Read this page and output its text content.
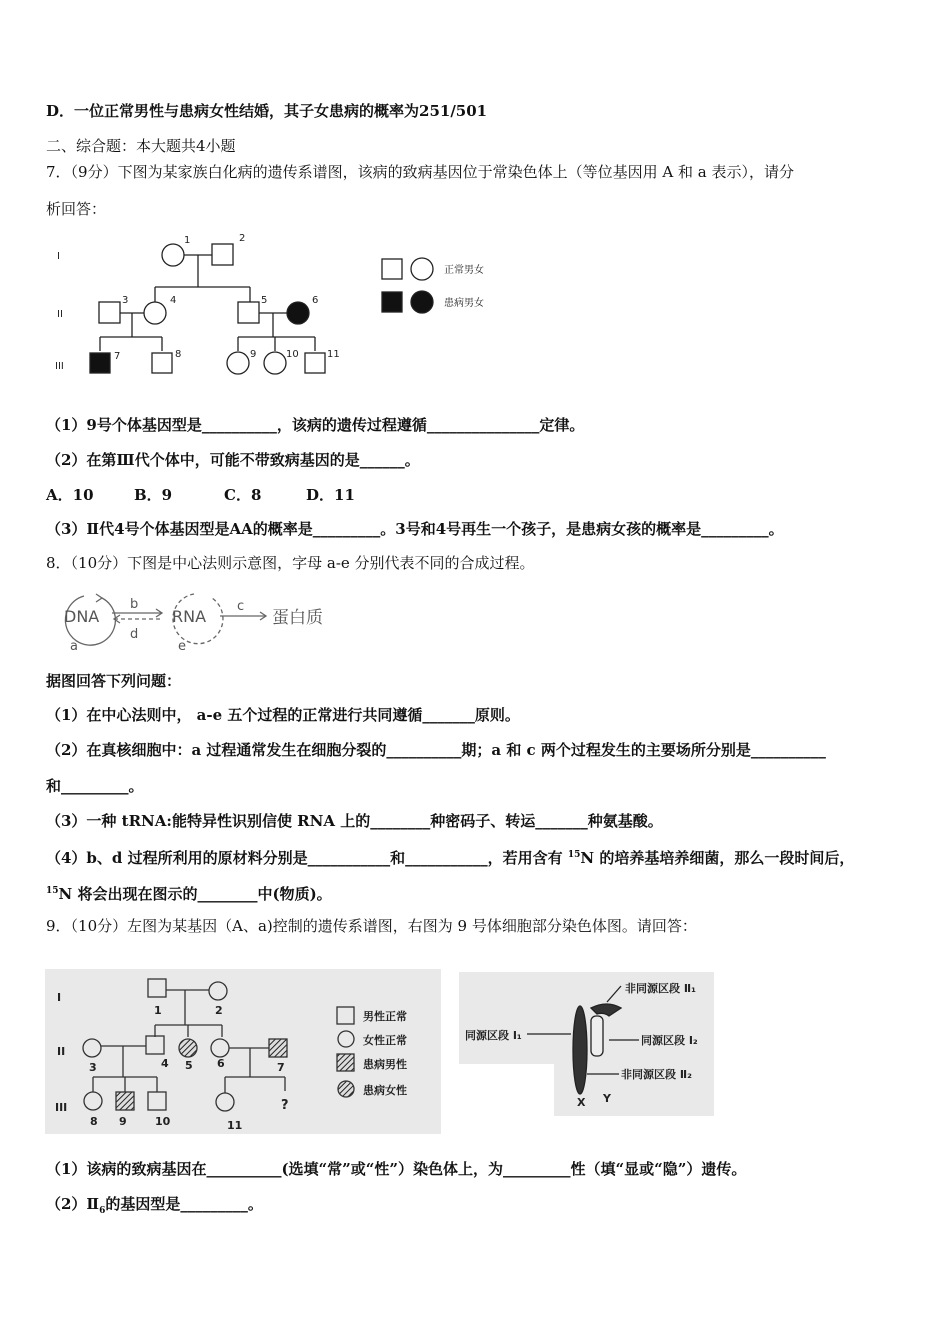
D．一位正常男性与患病女性结婚，其子女患病的概率为251/501
二、综合题：本大题共4小题
7．（9分）下图为某家族白化病的遗传系谱图，该病的致病基因位于常染色体上（等位基因用 A 和 a 表示），请分
析回答：
I
II
III
1	2
3	4	5	6
7	8	9	10	11
正常男女
患病男女
（1）9号个体基因型是__________，该病的遗传过程遵循_______________定律。
（2）在第Ⅲ代个体中，可能不带致病基因的是______。
A．10	B．9	C．8	D．11
（3）Ⅱ代4号个体基因型是AA的概率是_________。3号和4号再生一个孩子，是患病女孩的概率是_________。
8．（10分）下图是中心法则示意图，字母 a-e 分别代表不同的合成过程。
DNA	RNA	蛋白质
a
b	c
d
e
据图回答下列问题：
（1）在中心法则中， a-e 五个过程的正常进行共同遵循_______原则。
（2）在真核细胞中：a 过程通常发生在细胞分裂的__________期；a 和 c 两个过程发生的主要场所分别是__________
和_________。
（3）一种 tRNA:能特异性识别信使 RNA 上的________种密码子、转运_______种氨基酸。
（4）b、d 过程所利用的原材料分别是___________和___________，若用含有 $^{15}$N 的培养基培养细菌，那么一段时间后，
$^{15}$N 将会出现在图示的________中(物质)。
9．（10分）左图为某基因（A、a)控制的遗传系谱图，右图为 9 号体细胞部分染色体图。请回答：
I
II
III
1	2
3	4 5 6	7
8 9	10	11
?
男性正常
女性正常
患病男性
患病女性
同源区段 Ⅰ₁
非同源区段 Ⅱ₁
同源区段 Ⅰ₂
非同源区段 Ⅱ₂
X Y
（1）该病的致病基因在__________(选填“常”或“性”）染色体上，为_________性（填“显或“隐”）遗传。
$(2)Ⅱ_6$的基因型是_________。
